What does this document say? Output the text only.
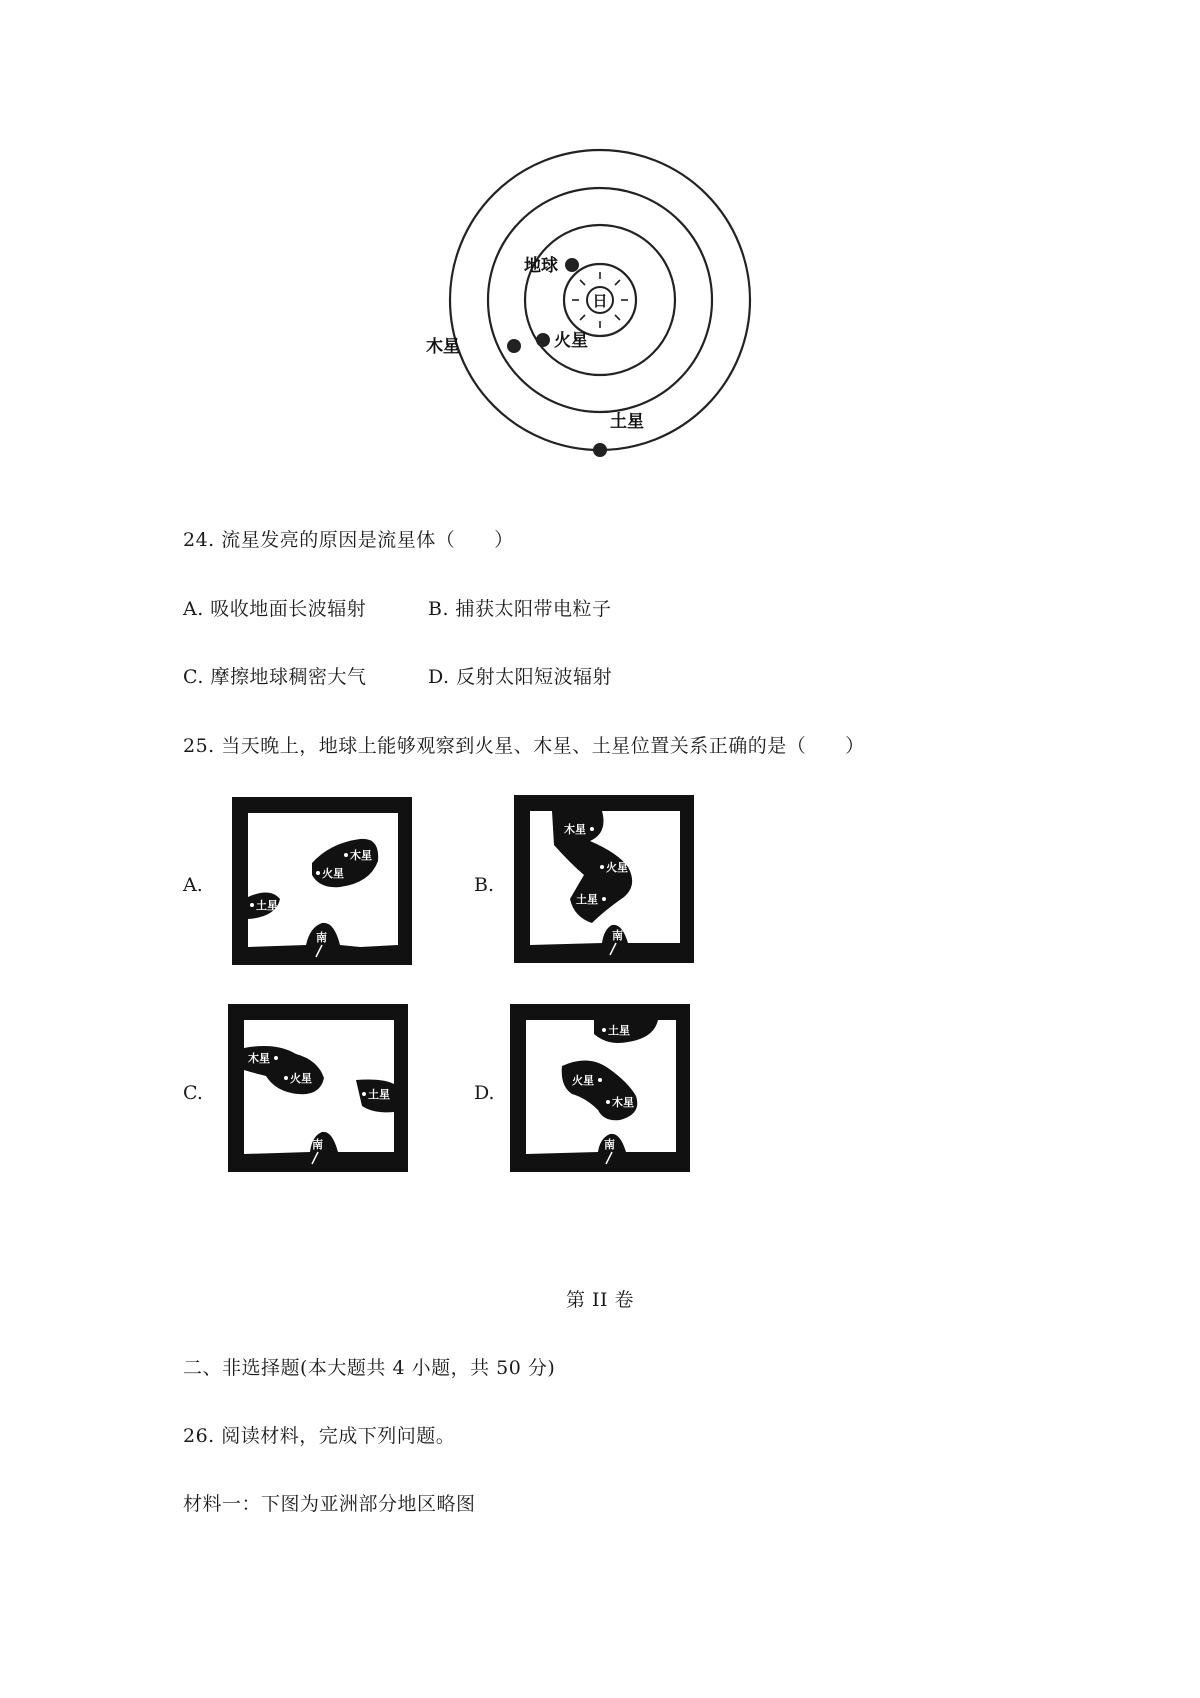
日
地球
火星
木星
土星
24. 流星发亮的原因是流星体（　　）
A. 吸收地面长波辐射	B. 捕获太阳带电粒子
C. 摩擦地球稠密大气	D. 反射太阳短波辐射
25. 当天晚上，地球上能够观察到火星、木星、土星位置关系正确的是（　　）
A.	B.
C.	D.
木星
火星
土星
南
木星
火星
土星
南
木星
火星
土星
南
土星
火星
木星
南
第 II 卷
二、非选择题(本大题共 4 小题，共 50 分)
26. 阅读材料，完成下列问题。
材料一：下图为亚洲部分地区略图
